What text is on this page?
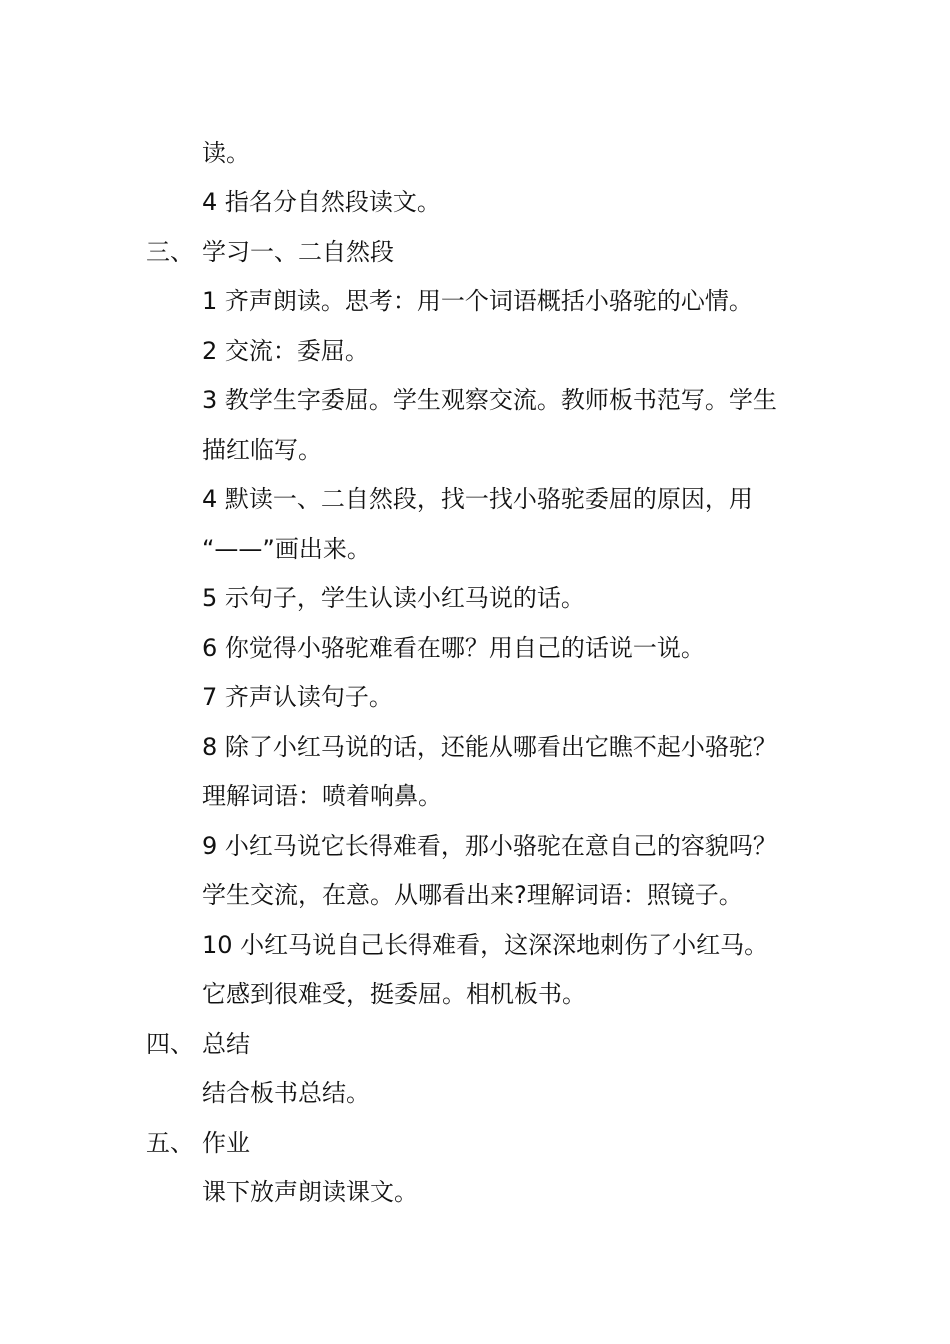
读。
4 指名分自然段读文。
三、 学习一、二自然段
1 齐声朗读。思考：用一个词语概括小骆驼的心情。
2 交流：委屈。
3 教学生字委屈。学生观察交流。教师板书范写。学生
描红临写。
4 默读一、二自然段，找一找小骆驼委屈的原因，用
“——”画出来。
5 示句子，学生认读小红马说的话。
6 你觉得小骆驼难看在哪？用自己的话说一说。
7 齐声认读句子。
8 除了小红马说的话，还能从哪看出它瞧不起小骆驼？
理解词语：喷着响鼻。
9 小红马说它长得难看，那小骆驼在意自己的容貌吗？
学生交流，在意。从哪看出来?理解词语：照镜子。
10 小红马说自己长得难看，这深深地刺伤了小红马。
它感到很难受，挺委屈。相机板书。
四、 总结
结合板书总结。
五、 作业
课下放声朗读课文。
